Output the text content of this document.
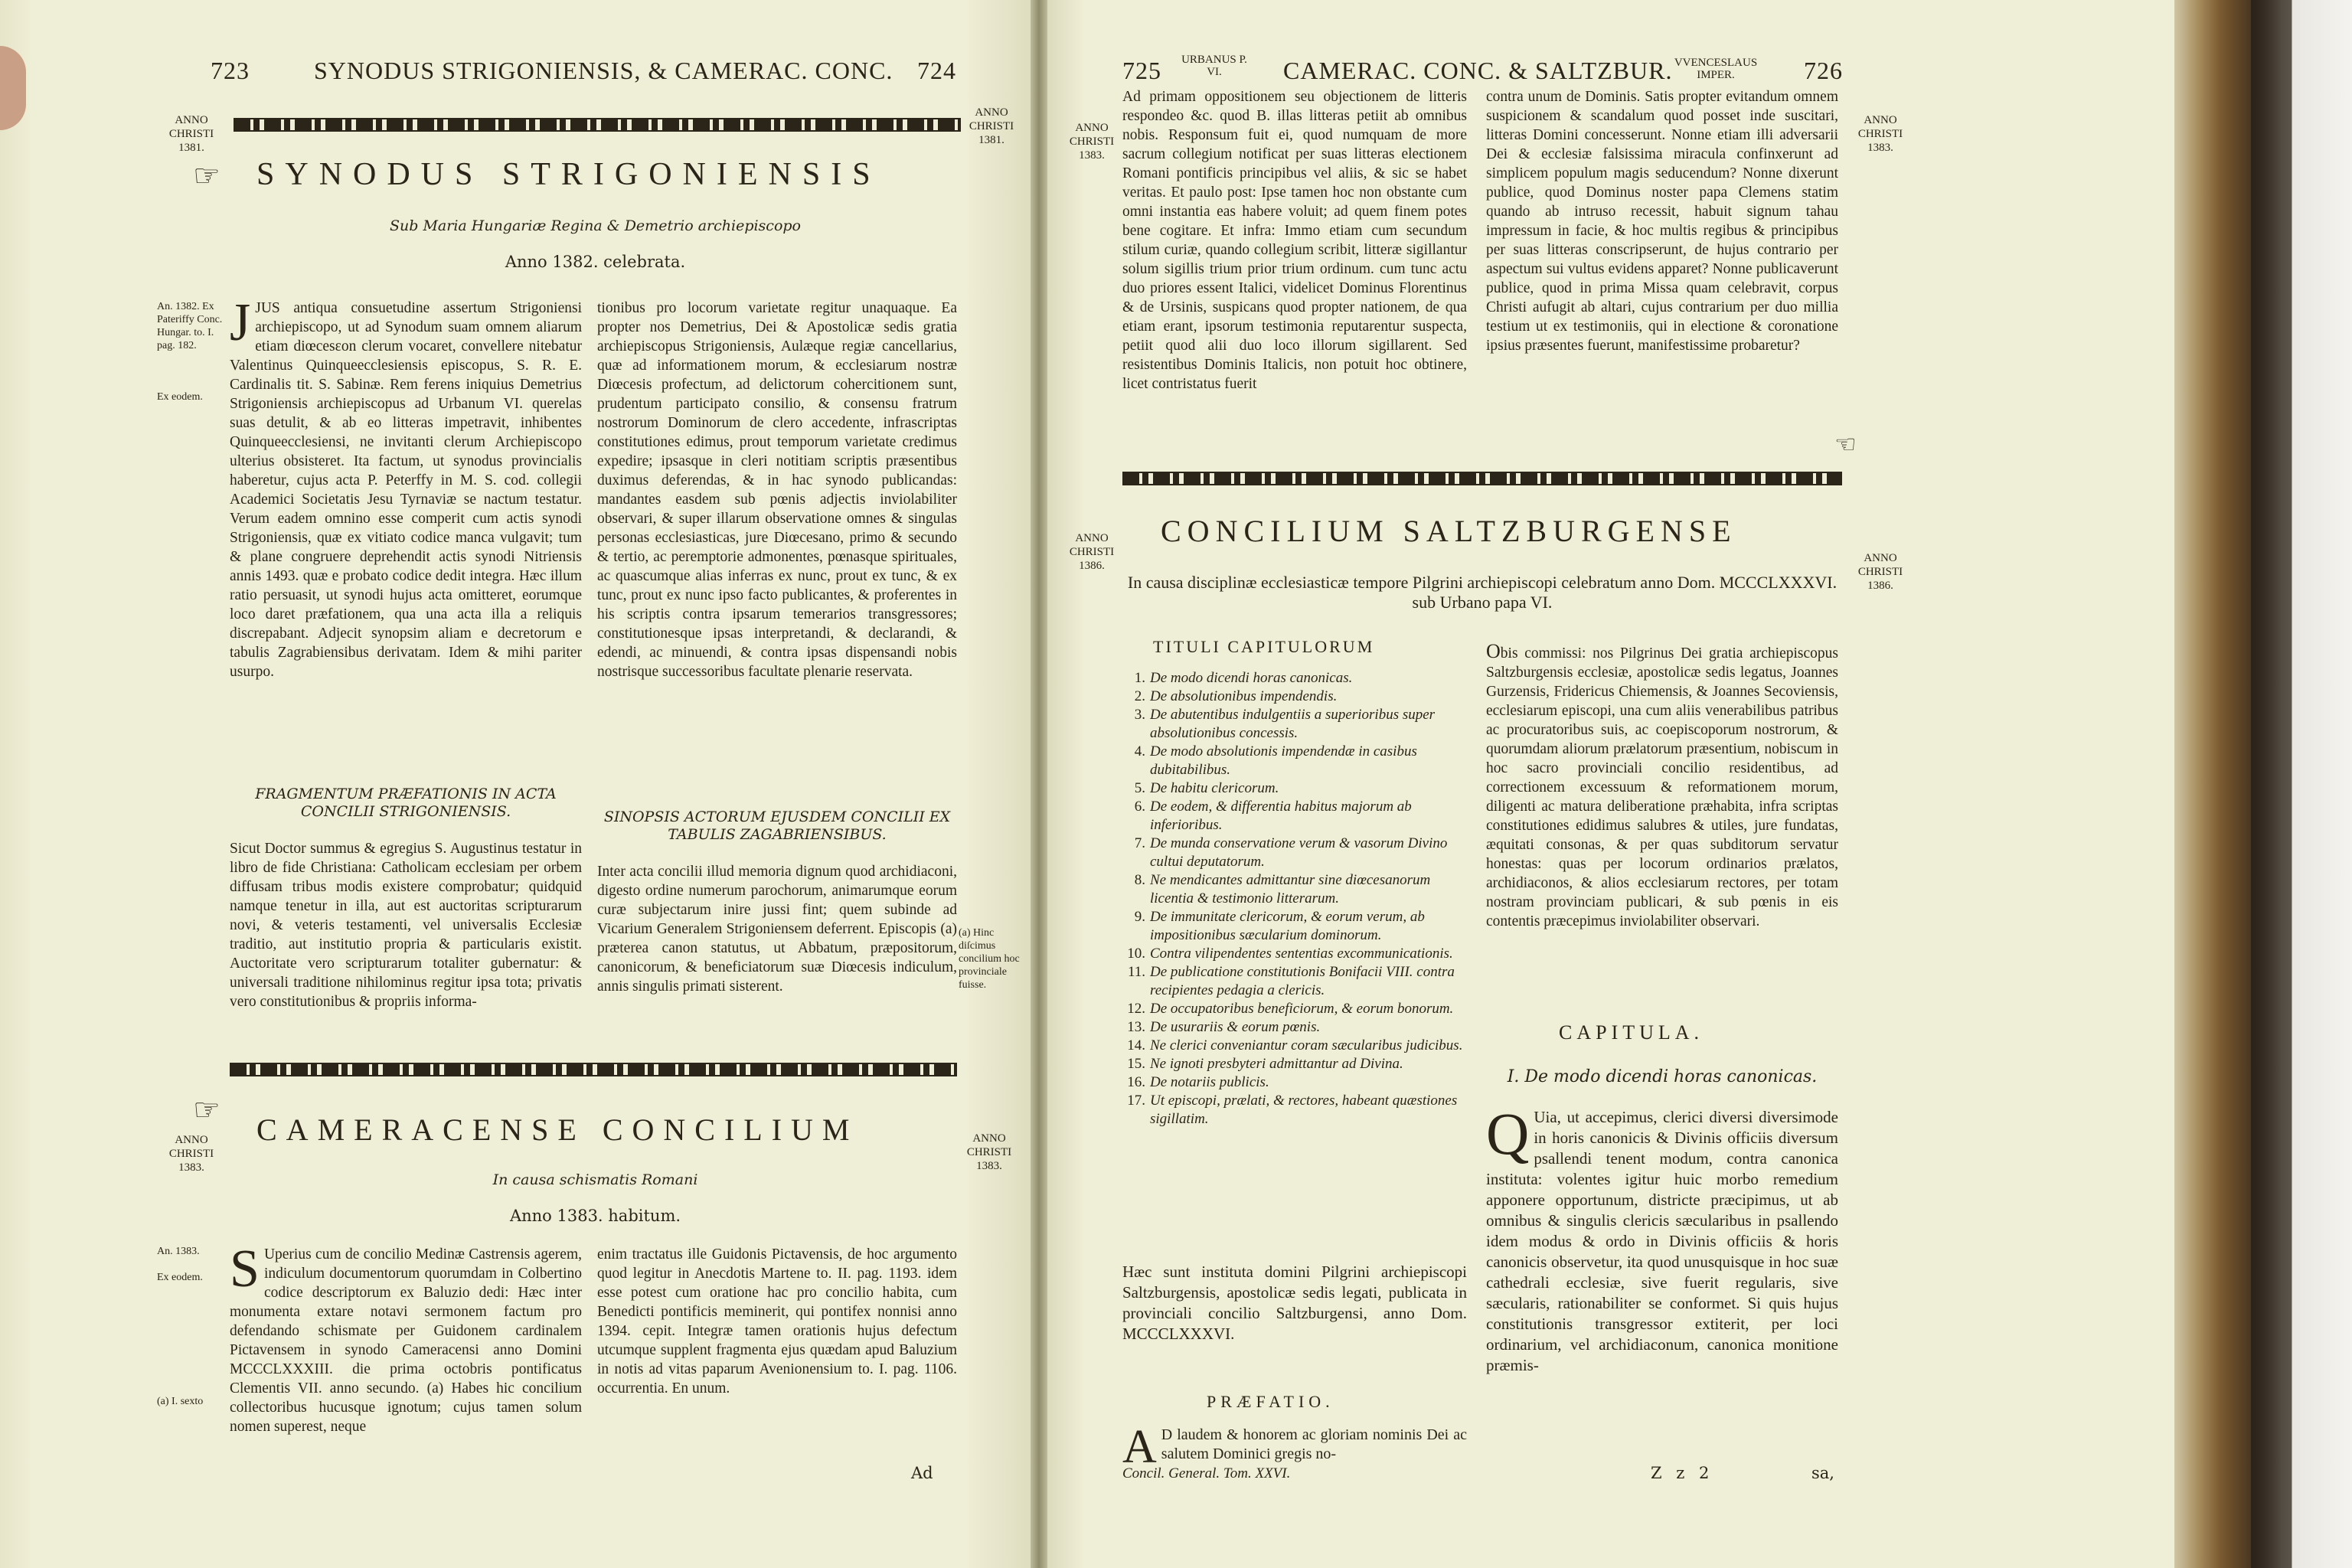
723	SYNODUS STRIGONIENSIS, & CAMERAC. CONC. 724
ANNO CHRISTI 1381.
ANNO CHRISTI 1381.
☞ SYNODUS STRIGONIENSIS
Sub Maria Hungariæ Regina & Demetrio archiepiscopo
Anno 1382. celebrata.
An. 1382. Ex Pateriffy Conc. Hungar. to. I. pag. 182.
Ex eodem.
JJUS antiqua consuetudine assertum Strigoniensi archiepiscopo, ut ad Synodum suam omnem aliarum etiam diœcesεon clerum vocaret, convellere nitebatur Valentinus Quinqueecclesiensis episcopus, S. R. E. Cardinalis tit. S. Sabinæ. Rem ferens iniquius Demetrius Strigoniensis archiepiscopus ad Urbanum VI. querelas suas detulit, & ab eo litteras impetravit, inhibentes Quinqueecclesiensi, ne invitanti clerum Archiepiscopo ulterius obsisteret. Ita factum, ut synodus provincialis haberetur, cujus acta P. Peterffy in M. S. cod. collegii Academici Societatis Jesu Tyrnaviæ se nactum testatur. Verum eadem omnino esse comperit cum actis synodi Strigoniensis, quæ ex vitiato codice manca vulgavit; tum & plane congruere deprehendit actis synodi Nitriensis annis 1493. quæ e probato codice dedit integra. Hæc illum ratio persuasit, ut synodi hujus acta omitteret, eorumque loco daret præfationem, qua una acta illa a reliquis discrepabant. Adjecit synopsim aliam e decretorum e tabulis Zagrabiensibus derivatam. Idem & mihi pariter usurpo.
tionibus pro locorum varietate regitur unaquaque. Ea propter nos Demetrius, Dei & Apostolicæ sedis gratia archiepiscopus Strigoniensis, Aulæque regiæ cancellarius, quæ ad informationem morum, & ecclesiarum nostræ Diœcesis profectum, ad delictorum cohercitionem sunt, prudentum participato consilio, & consensu fratrum nostrorum Dominorum de clero accedente, infrascriptas constitutiones edimus, prout temporum varietate credimus expedire; ipsasque in cleri notitiam scriptis præsentibus duximus deferendas, & in hac synodo publicandas: mandantes easdem sub pœnis adjectis inviolabiliter observari, & super illarum observatione omnes & singulas personas ecclesiasticas, jure Diœcesano, primo & secundo & tertio, ac peremptorie admonentes, pœnasque spirituales, ac quascumque alias inferras ex nunc, prout ex tunc, & ex tunc, prout ex nunc ipso facto publicantes, & proferentes in his scriptis contra ipsarum temerarios transgressores; constitutionesque ipsas interpretandi, & declarandi, & edendi, ac minuendi, & contra ipsas dispensandi nobis nostrisque successoribus facultate plenarie reservata.
FRAGMENTUM PRÆFATIONIS IN ACTA CONCILII STRIGONIENSIS.
Sicut Doctor summus & egregius S. Augustinus testatur in libro de fide Christiana: Catholicam ecclesiam per orbem diffusam tribus modis existere comprobatur; quidquid namque tenetur in illa, aut est auctoritas scripturarum novi, & veteris testamenti, vel universalis Ecclesiæ traditio, aut institutio propria & particularis existit. Auctoritate vero scripturarum totaliter gubernatur: & universali traditione nihilominus regitur ipsa tota; privatis vero constitutionibus & propriis informa-
SINOPSIS ACTORUM EJUSDEM CONCILII EX TABULIS ZAGABRIENSIBUS.
Inter acta concilii illud memoria dignum quod archidiaconi, digesto ordine numerum parochorum, animarumque eorum curæ subjectarum inire jussi fint; quem subinde ad Vicarium Generalem Strigoniensem deferrent. Episcopis (a) præterea canon statutus, ut Abbatum, præpositorum, canonicorum, & beneficiatorum suæ Diœcesis indiculum, annis singulis primati sisterent.
(a) Hinc diſcimus concilium hoc provinciale fuisse.
☞
ANNO CHRISTI 1383.
CAMERACENSE CONCILIUM	ANNO CHRISTI 1383.
In causa schismatis Romani
Anno 1383. habitum.
An. 1383.
Ex eodem.
(a) I. sexto
S Uperius cum de concilio Medinæ Castrensis agerem, indiculum documentorum quorumdam in Colbertino codice descriptorum ex Baluzio dedi: Hæc inter monumenta extare notavi sermonem factum pro defendando schismate per Guidonem cardinalem Pictavensem in synodo Cameracensi anno Domini MCCCLXXXIII. die prima octobris pontificatus Clementis VII. anno secundo. (a) Habes hic concilium collectoribus hucusque ignotum; cujus tamen solum nomen superest, neque
enim tractatus ille Guidonis Pictavensis, de hoc argumento quod legitur in Anecdotis Martene to. II. pag. 1193. idem esse potest cum oratione hac pro concilio habita, cum Benedicti pontificis meminerit, qui pontifex nonnisi anno 1394. cepit. Integræ tamen orationis hujus defectum utcumque supplent fragmenta ejus quædam apud Baluzium in notis ad vitas paparum Avenionensium to. I. pag. 1106. occurrentia. En unum.
Ad
725	URBANUS P. VI.	CAMERAC. CONC. & SALTZBUR. VVENCESLAUS IMPER.	726
ANNO CHRISTI 1383.
ANNO CHRISTI 1383.
Ad primam oppositionem seu objectionem de litteris respondeo &c. quod B. illas litteras petiit ab omnibus nobis. Responsum fuit ei, quod numquam de more sacrum collegium notificat per suas litteras electionem Romani pontificis principibus vel aliis, & sic se habet veritas. Et paulo post: Ipse tamen hoc non obstante cum omni instantia eas habere voluit; ad quem finem potes bene cogitare. Et infra: Immo etiam cum secundum stilum curiæ, quando collegium scribit, litteræ sigillantur solum sigillis trium prior trium ordinum. cum tunc actu duo priores essent Italici, videlicet Dominus Florentinus & de Ursinis, suspicans quod propter nationem, de qua etiam erant, ipsorum testimonia reputarentur suspecta, petiit quod alii duo loco illorum sigillarent. Sed resistentibus Dominis Italicis, non potuit hoc obtinere, licet contristatus fuerit
contra unum de Dominis. Satis propter evitandum omnem suspicionem & scandalum quod posset inde suscitari, litteras Domini concesserunt. Nonne etiam illi adversarii Dei & ecclesiæ falsissima miracula confinxerunt ad simplicem populum magis seducendum? Nonne dixerunt publice, quod Dominus noster papa Clemens statim quando ab intruso recessit, habuit signum tahau impressum in facie, & hoc multis regibus & principibus per suas litteras conscripserunt, de hujus contrario per aspectum sui vultus evidens apparet? Nonne publicaverunt publice, quod in prima Missa quam celebravit, corpus Christi aufugit ab altari, cujus contrarium per duo millia testium ut ex testimoniis, qui in electione & coronatione ipsius præsentes fuerunt, manifestissime probaretur?
☜
ANNO CHRISTI 1386.
CONCILIUM SALTZBURGENSE
ANNO CHRISTI 1386.
In causa disciplinæ ecclesiasticæ tempore Pilgrini archiepiscopi celebratum anno Dom. MCCCLXXXVI. sub Urbano papa VI.
TITULI CAPITULORUM
1. De modo dicendi horas canonicas.
2. De absolutionibus impendendis.
3. De abutentibus indulgentiis a superioribus super absolutionibus concessis.
4. De modo absolutionis impendendæ in casibus dubitabilibus.
5. De habitu clericorum.
6. De eodem, & differentia habitus majorum ab inferioribus.
7. De munda conservatione verum & vasorum Divino cultui deputatorum.
8. Ne mendicantes admittantur sine diœcesanorum licentia & testimonio litterarum.
9. De immunitate clericorum, & eorum verum, ab impositionibus sæcularium dominorum.
10. Contra vilipendentes sententias excommunicationis.
11. De publicatione constitutionis Bonifacii VIII. contra recipientes pedagia a clericis.
12. De occupatoribus beneficiorum, & eorum bonorum.
13. De usurariis & eorum pœnis.
14. Ne clerici conveniantur coram sæcularibus judicibus.
15. Ne ignoti presbyteri admittantur ad Divina.
16. De notariis publicis.
17. Ut episcopi, prælati, & rectores, habeant quæstiones sigillatim.
Hæc sunt instituta domini Pilgrini archiepiscopi Saltzburgensis, apostolicæ sedis legati, publicata in provinciali concilio Saltzburgensi, anno Dom. MCCCLXXXVI.
PRÆFATIO.
A D laudem & honorem ac gloriam nominis Dei ac salutem Dominici gregis no-
Concil. General. Tom. XXVI.
Obis commissi: nos Pilgrinus Dei gratia archiepiscopus Saltzburgensis ecclesiæ, apostolicæ sedis legatus, Joannes Gurzensis, Fridericus Chiemensis, & Joannes Secoviensis, ecclesiarum episcopi, una cum aliis venerabilibus patribus ac procuratoribus suis, ac coepiscoporum nostrorum, & quorumdam aliorum prælatorum præsentium, nobiscum in hoc sacro provinciali concilio residentibus, ad correctionem excessuum & reformationem morum, diligenti ac matura deliberatione præhabita, infra scriptas constitutiones edidimus salubres & utiles, jure fundatas, æquitati consonas, & per quas subditorum servatur honestas: quas per locorum ordinarios prælatos, archidiaconos, & alios ecclesiarum rectores, per totam nostram provinciam publicari, & sub pœnis in eis contentis præcepimus inviolabiliter observari.
CAPITULA.
I. De modo dicendi horas canonicas.
Q Uia, ut accepimus, clerici diversi diversimode in horis canonicis & Divinis officiis diversum psallendi tenent modum, contra canonica instituta: volentes igitur huic morbo remedium apponere opportunum, districte præcipimus, ut ab omnibus & singulis clericis sæcularibus in psallendo idem modus & ordo in Divinis officiis & horis canonicis observetur, ita quod unusquisque in hoc suæ cathedrali ecclesiæ, sive fuerit regularis, sive sæcularis, rationabiliter se conformet. Si quis hujus constitutionis transgressor extiterit, per loci ordinarium, vel archidiaconum, canonica monitione præmis-
Z z 2	sa,
